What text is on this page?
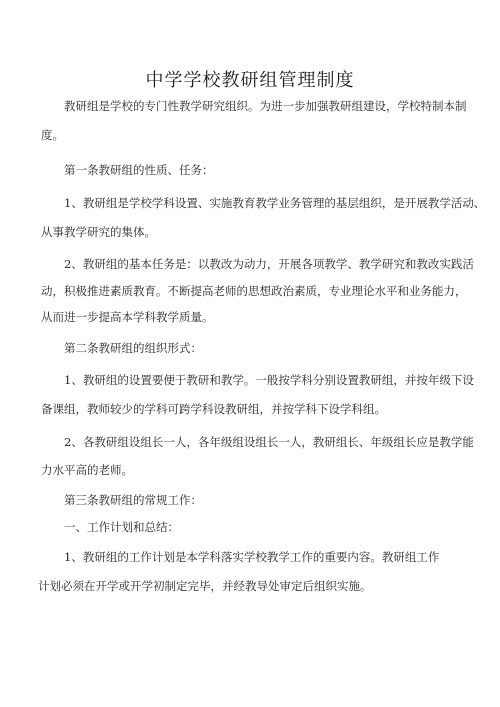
中学学校教研组管理制度
教研组是学校的专门性教学研究组织。为进一步加强教研组建设，学校特制本制
度。
第一条教研组的性质、任务：
1、教研组是学校学科设置、实施教育教学业务管理的基层组织，是开展教学活动、
从事教学研究的集体。
2、教研组的基本任务是：以教改为动力，开展各项教学、教学研究和教改实践活
动，积极推进素质教育。不断提高老师的思想政治素质，专业理论水平和业务能力，
从而进一步提高本学科教学质量。
第二条教研组的组织形式：
1、教研组的设置要便于教研和教学。一般按学科分别设置教研组，并按年级下设
备课组，教师较少的学科可跨学科设教研组，并按学科下设学科组。
2、各教研组设组长一人，各年级组设组长一人，教研组长、年级组长应是教学能
力水平高的老师。
第三条教研组的常规工作：
一、工作计划和总结：
1、教研组的工作计划是本学科落实学校教学工作的重要内容。教研组工作
计划必须在开学或开学初制定完毕，并经教导处审定后组织实施。
